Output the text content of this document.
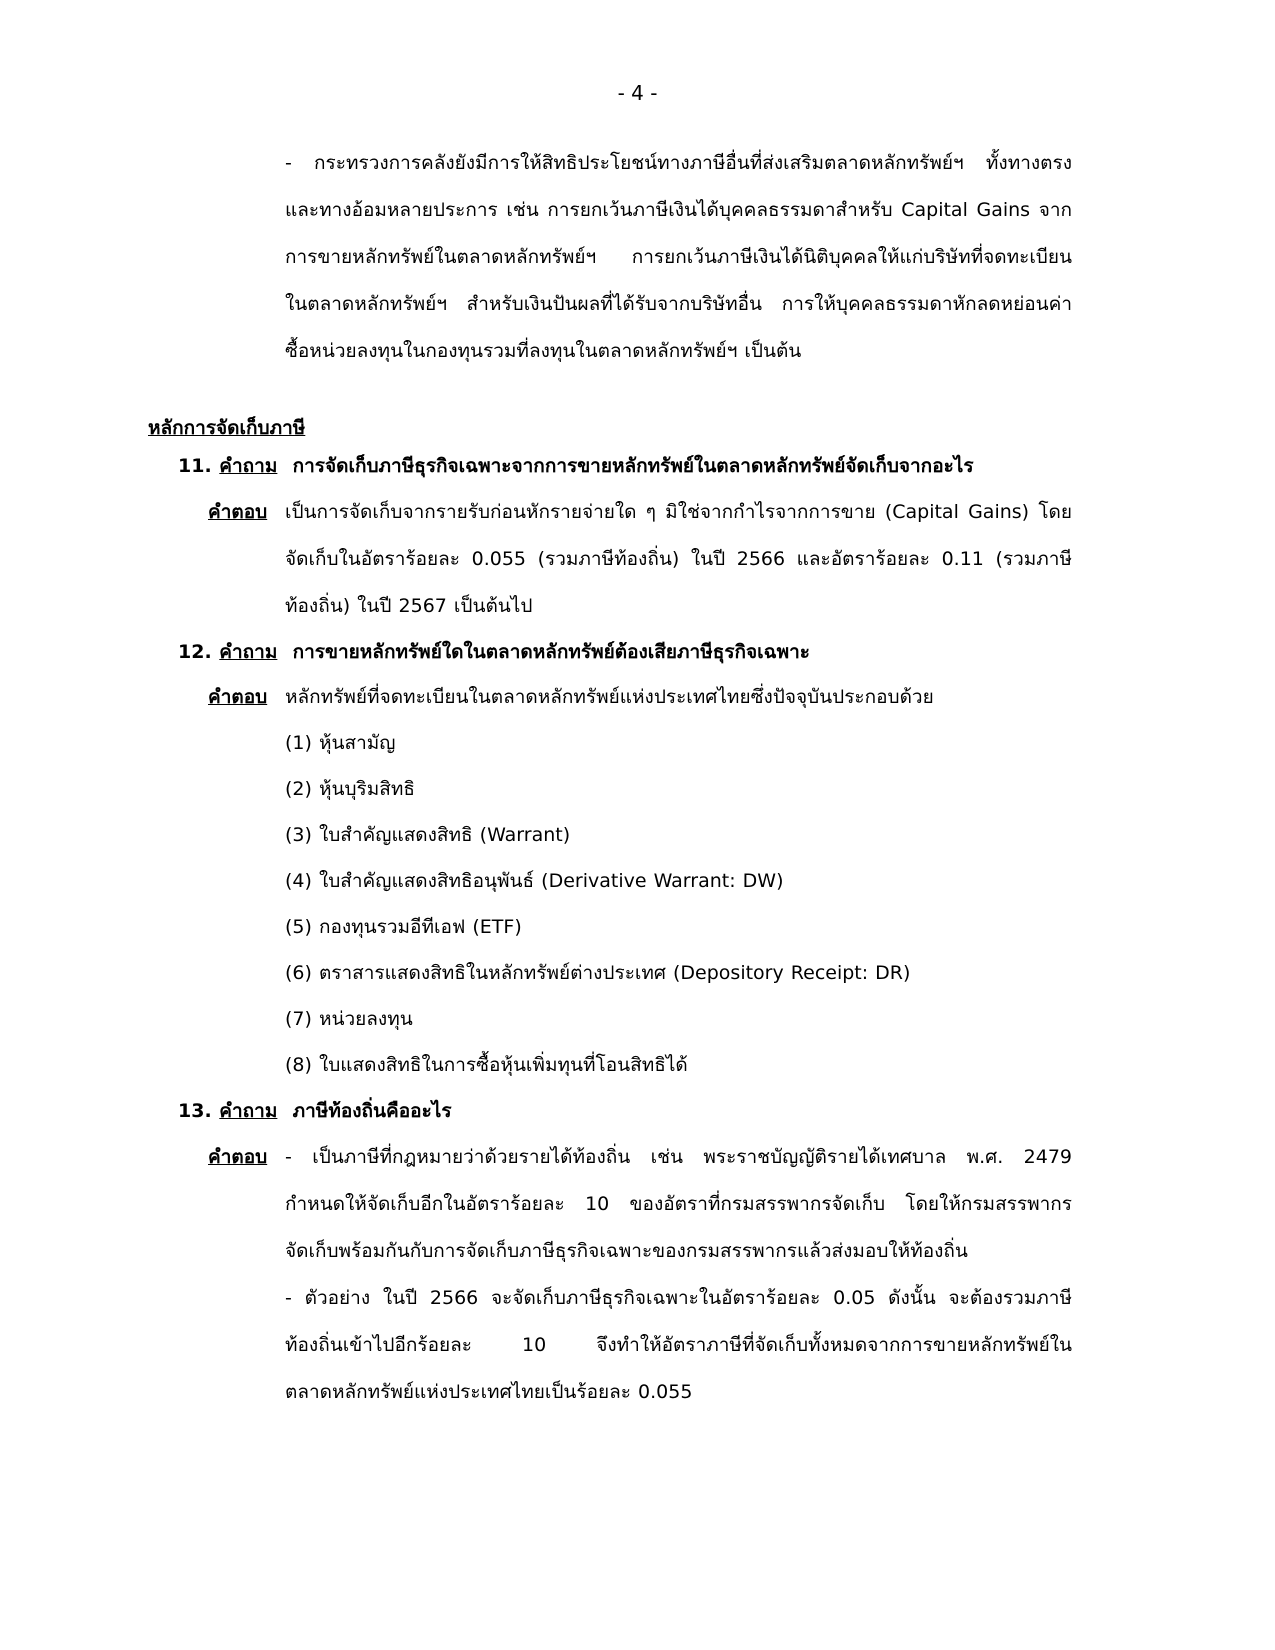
- 4 -
- กระทรวงการคลังยังมีการให้สิทธิประโยชน์ทางภาษีอื่นที่ส่งเสริมตลาดหลักทรัพย์ฯ ทั้งทางตรง
และทางอ้อมหลายประการ เช่น การยกเว้นภาษีเงินได้บุคคลธรรมดาสำหรับ Capital Gains จาก
การขายหลักทรัพย์ในตลาดหลักทรัพย์ฯ การยกเว้นภาษีเงินได้นิติบุคคลให้แก่บริษัทที่จดทะเบียน
ในตลาดหลักทรัพย์ฯ สำหรับเงินปันผลที่ได้รับจากบริษัทอื่น การให้บุคคลธรรมดาหักลดหย่อนค่า
ซื้อหน่วยลงทุนในกองทุนรวมที่ลงทุนในตลาดหลักทรัพย์ฯ เป็นต้น
หลักการจัดเก็บภาษี
11. คำถาม การจัดเก็บภาษีธุรกิจเฉพาะจากการขายหลักทรัพย์ในตลาดหลักทรัพย์จัดเก็บจากอะไร
คำตอบ เป็นการจัดเก็บจากรายรับก่อนหักรายจ่ายใด ๆ มิใช่จากกำไรจากการขาย (Capital Gains) โดย
จัดเก็บในอัตราร้อยละ 0.055 (รวมภาษีท้องถิ่น) ในปี 2566 และอัตราร้อยละ 0.11 (รวมภาษี
ท้องถิ่น) ในปี 2567 เป็นต้นไป
12. คำถาม การขายหลักทรัพย์ใดในตลาดหลักทรัพย์ต้องเสียภาษีธุรกิจเฉพาะ
คำตอบ หลักทรัพย์ที่จดทะเบียนในตลาดหลักทรัพย์แห่งประเทศไทยซึ่งปัจจุบันประกอบด้วย
(1) หุ้นสามัญ
(2) หุ้นบุริมสิทธิ
(3) ใบสำคัญแสดงสิทธิ (Warrant)
(4) ใบสำคัญแสดงสิทธิอนุพันธ์ (Derivative Warrant: DW)
(5) กองทุนรวมอีทีเอฟ (ETF)
(6) ตราสารแสดงสิทธิในหลักทรัพย์ต่างประเทศ (Depository Receipt: DR)
(7) หน่วยลงทุน
(8) ใบแสดงสิทธิในการซื้อหุ้นเพิ่มทุนที่โอนสิทธิได้
13. คำถาม ภาษีท้องถิ่นคืออะไร
คำตอบ - เป็นภาษีที่กฎหมายว่าด้วยรายได้ท้องถิ่น เช่น พระราชบัญญัติรายได้เทศบาล พ.ศ. 2479
กำหนดให้จัดเก็บอีกในอัตราร้อยละ 10 ของอัตราที่กรมสรรพากรจัดเก็บ โดยให้กรมสรรพากร
จัดเก็บพร้อมกันกับการจัดเก็บภาษีธุรกิจเฉพาะของกรมสรรพากรแล้วส่งมอบให้ท้องถิ่น
- ตัวอย่าง ในปี 2566 จะจัดเก็บภาษีธุรกิจเฉพาะในอัตราร้อยละ 0.05 ดังนั้น จะต้องรวมภาษี
ท้องถิ่นเข้าไปอีกร้อยละ 10 จึงทำให้อัตราภาษีที่จัดเก็บทั้งหมดจากการขายหลักทรัพย์ใน
ตลาดหลักทรัพย์แห่งประเทศไทยเป็นร้อยละ 0.055
